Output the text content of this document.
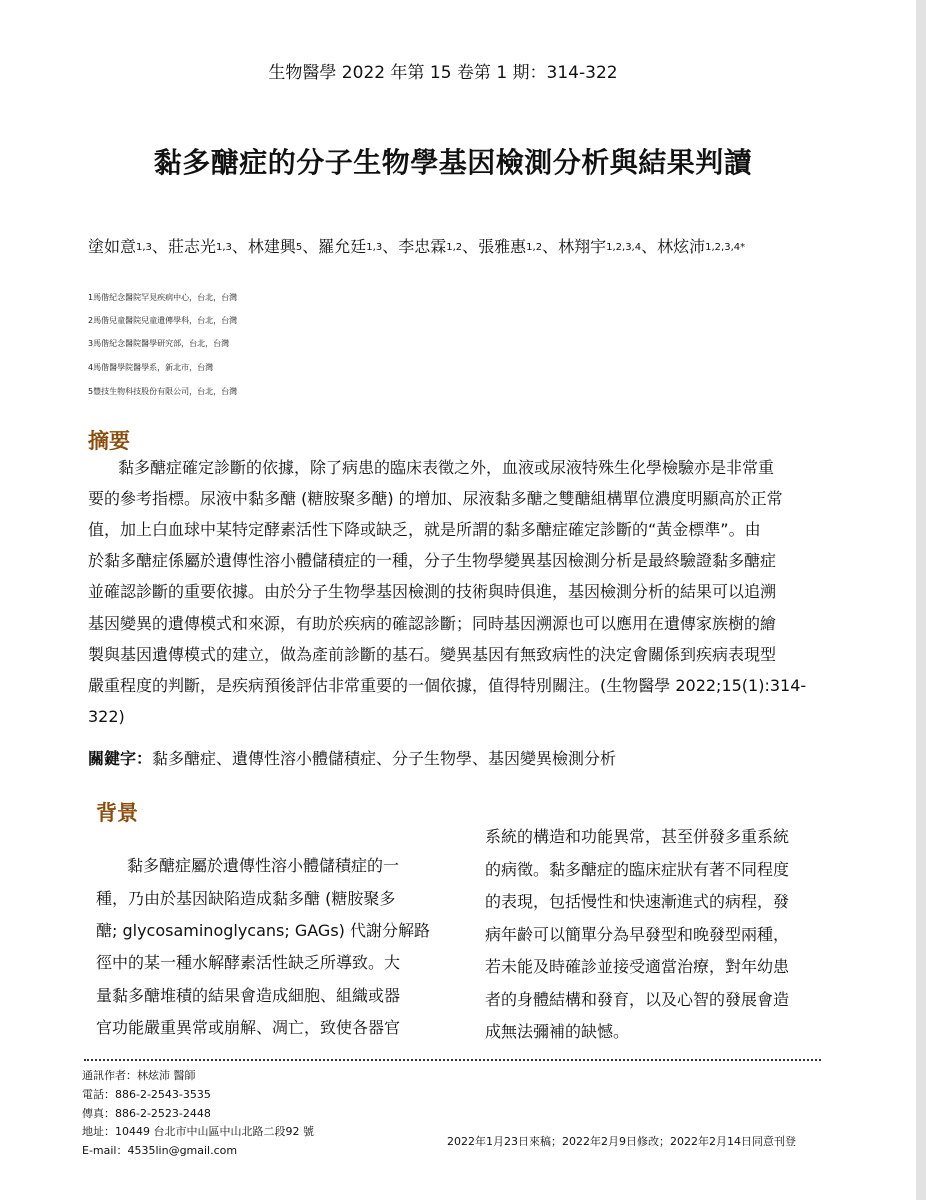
生物醫學 2022 年第 15 卷第 1 期：314-322
黏多醣症的分子生物學基因檢測分析與結果判讀
塗如意$^{1,3}$、莊志光$^{1,3}$、林建興$^5$、羅允廷$^{1,3}$、李忠霖$^{1,2}$、張雅惠$^{1,2}$、林翔宇$^{1,2,3,4}$、林炫沛$^{1,2,3,4*}$
1馬偕紀念醫院罕見疾病中心，台北，台灣
2馬偕兒童醫院兒童遺傳學科，台北，台灣
3馬偕紀念醫院醫學研究部，台北，台灣
4馬偕醫學院醫學系，新北市，台灣
5豐技生物科技股份有限公司，台北，台灣
摘要
黏多醣症確定診斷的依據，除了病患的臨床表徵之外，血液或尿液特殊生化學檢驗亦是非常重
要的參考指標。尿液中黏多醣 (糖胺聚多醣) 的增加、尿液黏多醣之雙醣組構單位濃度明顯高於正常
值，加上白血球中某特定酵素活性下降或缺乏，就是所謂的黏多醣症確定診斷的“黃金標準”。由
於黏多醣症係屬於遺傳性溶小體儲積症的一種，分子生物學變異基因檢測分析是最終驗證黏多醣症
並確認診斷的重要依據。由於分子生物學基因檢測的技術與時俱進，基因檢測分析的結果可以追溯
基因變異的遺傳模式和來源，有助於疾病的確認診斷；同時基因溯源也可以應用在遺傳家族樹的繪
製與基因遺傳模式的建立，做為產前診斷的基石。變異基因有無致病性的決定會關係到疾病表現型
嚴重程度的判斷，是疾病預後評估非常重要的一個依據，值得特別關注。(生物醫學 2022;15(1):314-
322)
關鍵字：黏多醣症、遺傳性溶小體儲積症、分子生物學、基因變異檢測分析
背景
黏多醣症屬於遺傳性溶小體儲積症的一
種，乃由於基因缺陷造成黏多醣 (糖胺聚多
醣; glycosaminoglycans; GAGs) 代謝分解路
徑中的某一種水解酵素活性缺乏所導致。大
量黏多醣堆積的結果會造成細胞、組織或器
官功能嚴重異常或崩解、凋亡，致使各器官
系統的構造和功能異常，甚至併發多重系統
的病徵。黏多醣症的臨床症狀有著不同程度
的表現，包括慢性和快速漸進式的病程，發
病年齡可以簡單分為早發型和晚發型兩種，
若未能及時確診並接受適當治療，對年幼患
者的身體結構和發育，以及心智的發展會造
成無法彌補的缺憾。
通訊作者：林炫沛 醫師
電話：886-2-2543-3535
傳真：886-2-2523-2448
地址：10449 台北市中山區中山北路二段92 號
E-mail：4535lin@gmail.com
2022年1月23日來稿；2022年2月9日修改；2022年2月14日同意刊登
